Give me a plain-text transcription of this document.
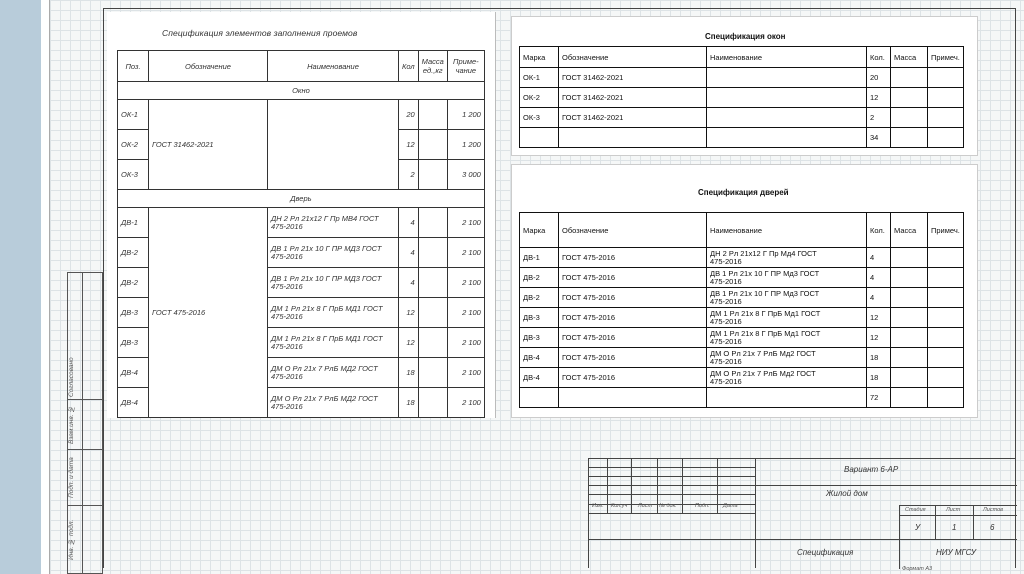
Согласовано
Взам.инв. №
Подп. и дата
Инв. № подл.
Спецификация элементов заполнения проемов
Поз.	Обозначение	Наименование	Кол	Масса
ед.,кг	Приме-
чание
Окно					
ОК-1	ГОСТ 31462-2021		20		1 200
ОК-2			12		1 200
ОК-3			2		3 000
Дверь					
ДВ-1	ГОСТ 475-2016	ДН 2 Рл 21х12 Г Пр МВ4 ГОСТ
475-2016	4		2 100
ДВ-2		ДВ 1 Рл 21х 10 Г ПР МД3 ГОСТ
475-2016	4		2 100
ДВ-2		ДВ 1 Рл 21х 10 Г ПР МД3 ГОСТ
475-2016	4		2 100
ДВ-3		ДМ 1 Рл 21х 8 Г ПрБ МД1 ГОСТ
475-2016	12		2 100
ДВ-3		ДМ 1 Рл 21х 8 Г ПрБ МД1 ГОСТ
475-2016	12		2 100
ДВ-4		ДМ О Рл 21х 7 РлБ МД2 ГОСТ
475-2016	18		2 100
ДВ-4		ДМ О Рл 21х 7 РлБ МД2 ГОСТ
475-2016	18		2 100
Спецификация окон
Марка	Обозначение	Наименование	Кол.	Масса	Примеч.
ОК-1	ГОСТ 31462-2021		20		
ОК-2	ГОСТ 31462-2021		12		
ОК-3	ГОСТ 31462-2021		2		
			34		
Спецификация дверей
Марка	Обозначение	Наименование	Кол.	Масса	Примеч.
ДВ-1	ГОСТ 475-2016	ДН 2 Рл 21х12 Г Пр Мд4 ГОСТ
475-2016	4		
ДВ-2	ГОСТ 475-2016	ДВ 1 Рл 21х 10 Г ПР Мд3 ГОСТ
475-2016	4		
ДВ-2	ГОСТ 475-2016	ДВ 1 Рл 21х 10 Г ПР Мд3 ГОСТ
475-2016	4		
ДВ-3	ГОСТ 475-2016	ДМ 1 Рл 21х 8 Г ПрБ Мд1 ГОСТ
475-2016	12		
ДВ-3	ГОСТ 475-2016	ДМ 1 Рл 21х 8 Г ПрБ Мд1 ГОСТ
475-2016	12		
ДВ-4	ГОСТ 475-2016	ДМ О Рл 21х 7 РлБ Мд2 ГОСТ
475-2016	18		
ДВ-4	ГОСТ 475-2016	ДМ О Рл 21х 7 РлБ Мд2 ГОСТ
475-2016	18		
			72		
Вариант 6-АР
Жилой дом
Спецификация	НИУ МГСУ
Стадия	Лист	Листов
У	1	6
Изм. Кол.уч Лист № док.	Подп. Дата
Формат А3
